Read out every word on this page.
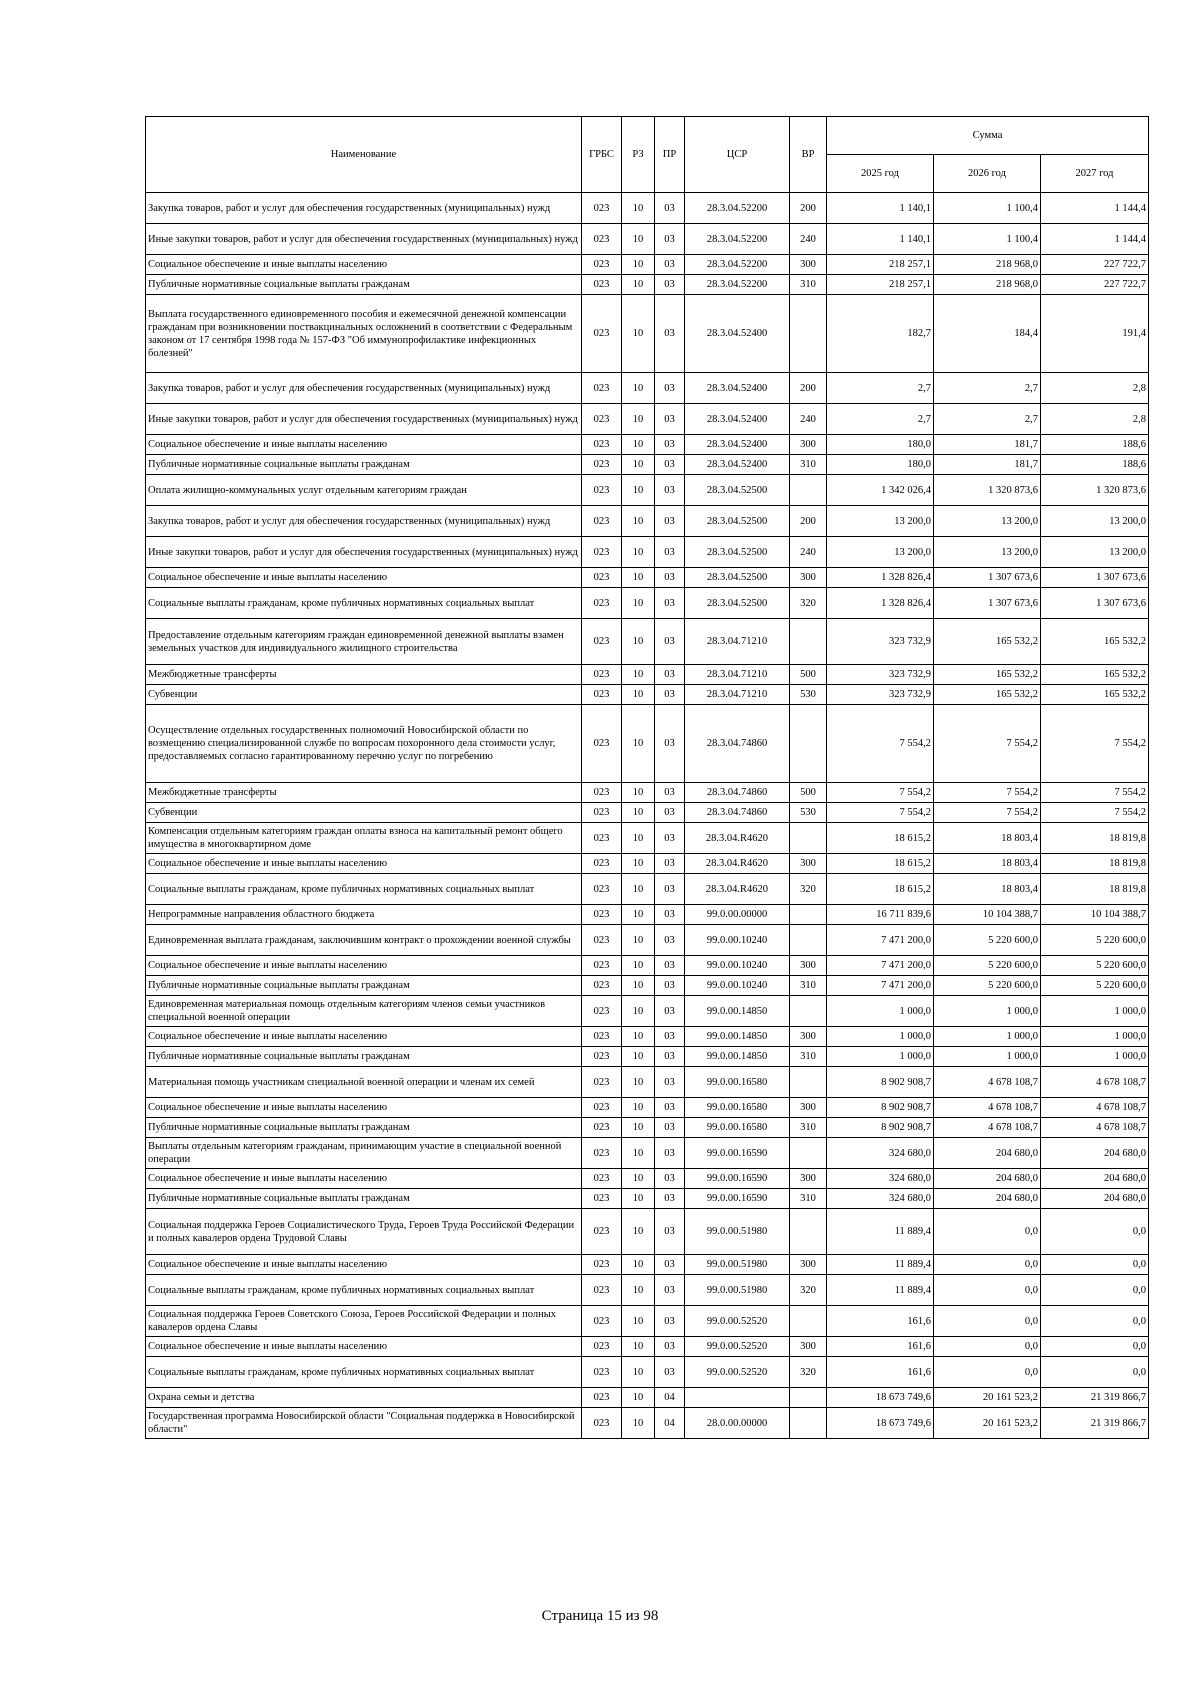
Наименование	ГРБС	РЗ	ПР	ЦСР	ВР	Сумма		
						2025 год	2026 год	2027 год
Закупка товаров, работ и услуг для обеспечения государственных (муниципальных) нужд	023	10	03	28.3.04.52200	200	1 140,1	1 100,4	1 144,4
Иные закупки товаров, работ и услуг для обеспечения государственных (муниципальных) нужд	023	10	03	28.3.04.52200	240	1 140,1	1 100,4	1 144,4
Социальное обеспечение и иные выплаты населению	023	10	03	28.3.04.52200	300	218 257,1	218 968,0	227 722,7
Публичные нормативные социальные выплаты гражданам	023	10	03	28.3.04.52200	310	218 257,1	218 968,0	227 722,7
Выплата государственного единовременного пособия и ежемесячной денежной компенсации гражданам при возникновении поствакцинальных осложнений в соответствии с Федеральным законом от 17 сентября 1998 года № 157-ФЗ "Об иммунопрофилактике инфекционных болезней"	023	10	03	28.3.04.52400		182,7	184,4	191,4
Закупка товаров, работ и услуг для обеспечения государственных (муниципальных) нужд	023	10	03	28.3.04.52400	200	2,7	2,7	2,8
Иные закупки товаров, работ и услуг для обеспечения государственных (муниципальных) нужд	023	10	03	28.3.04.52400	240	2,7	2,7	2,8
Социальное обеспечение и иные выплаты населению	023	10	03	28.3.04.52400	300	180,0	181,7	188,6
Публичные нормативные социальные выплаты гражданам	023	10	03	28.3.04.52400	310	180,0	181,7	188,6
Оплата жилищно-коммунальных услуг отдельным категориям граждан	023	10	03	28.3.04.52500		1 342 026,4	1 320 873,6	1 320 873,6
Закупка товаров, работ и услуг для обеспечения государственных (муниципальных) нужд	023	10	03	28.3.04.52500	200	13 200,0	13 200,0	13 200,0
Иные закупки товаров, работ и услуг для обеспечения государственных (муниципальных) нужд	023	10	03	28.3.04.52500	240	13 200,0	13 200,0	13 200,0
Социальное обеспечение и иные выплаты населению	023	10	03	28.3.04.52500	300	1 328 826,4	1 307 673,6	1 307 673,6
Социальные выплаты гражданам, кроме публичных нормативных социальных выплат	023	10	03	28.3.04.52500	320	1 328 826,4	1 307 673,6	1 307 673,6
Предоставление отдельным категориям граждан единовременной денежной выплаты взамен земельных участков для индивидуального жилищного строительства	023	10	03	28.3.04.71210		323 732,9	165 532,2	165 532,2
Межбюджетные трансферты	023	10	03	28.3.04.71210	500	323 732,9	165 532,2	165 532,2
Субвенции	023	10	03	28.3.04.71210	530	323 732,9	165 532,2	165 532,2
Осуществление отдельных государственных полномочий Новосибирской области по возмещению специализированной службе по вопросам похоронного дела стоимости услуг, предоставляемых согласно гарантированному перечню услуг по погребению	023	10	03	28.3.04.74860		7 554,2	7 554,2	7 554,2
Межбюджетные трансферты	023	10	03	28.3.04.74860	500	7 554,2	7 554,2	7 554,2
Субвенции	023	10	03	28.3.04.74860	530	7 554,2	7 554,2	7 554,2
Компенсация отдельным категориям граждан оплаты взноса на капитальный ремонт общего имущества в многоквартирном доме	023	10	03	28.3.04.R4620		18 615,2	18 803,4	18 819,8
Социальное обеспечение и иные выплаты населению	023	10	03	28.3.04.R4620	300	18 615,2	18 803,4	18 819,8
Социальные выплаты гражданам, кроме публичных нормативных социальных выплат	023	10	03	28.3.04.R4620	320	18 615,2	18 803,4	18 819,8
Непрограммные направления областного бюджета	023	10	03	99.0.00.00000		16 711 839,6	10 104 388,7	10 104 388,7
Единовременная выплата гражданам, заключившим контракт о прохождении военной службы	023	10	03	99.0.00.10240		7 471 200,0	5 220 600,0	5 220 600,0
Социальное обеспечение и иные выплаты населению	023	10	03	99.0.00.10240	300	7 471 200,0	5 220 600,0	5 220 600,0
Публичные нормативные социальные выплаты гражданам	023	10	03	99.0.00.10240	310	7 471 200,0	5 220 600,0	5 220 600,0
Единовременная материальная помощь отдельным категориям членов семьи участников специальной военной операции	023	10	03	99.0.00.14850		1 000,0	1 000,0	1 000,0
Социальное обеспечение и иные выплаты населению	023	10	03	99.0.00.14850	300	1 000,0	1 000,0	1 000,0
Публичные нормативные социальные выплаты гражданам	023	10	03	99.0.00.14850	310	1 000,0	1 000,0	1 000,0
Материальная помощь участникам специальной военной операции и членам их семей	023	10	03	99.0.00.16580		8 902 908,7	4 678 108,7	4 678 108,7
Социальное обеспечение и иные выплаты населению	023	10	03	99.0.00.16580	300	8 902 908,7	4 678 108,7	4 678 108,7
Публичные нормативные социальные выплаты гражданам	023	10	03	99.0.00.16580	310	8 902 908,7	4 678 108,7	4 678 108,7
Выплаты отдельным категориям гражданам, принимающим участие в специальной военной операции	023	10	03	99.0.00.16590		324 680,0	204 680,0	204 680,0
Социальное обеспечение и иные выплаты населению	023	10	03	99.0.00.16590	300	324 680,0	204 680,0	204 680,0
Публичные нормативные социальные выплаты гражданам	023	10	03	99.0.00.16590	310	324 680,0	204 680,0	204 680,0
Социальная поддержка Героев Социалистического Труда, Героев Труда Российской Федерации и полных кавалеров ордена Трудовой Славы	023	10	03	99.0.00.51980		11 889,4	0,0	0,0
Социальное обеспечение и иные выплаты населению	023	10	03	99.0.00.51980	300	11 889,4	0,0	0,0
Социальные выплаты гражданам, кроме публичных нормативных социальных выплат	023	10	03	99.0.00.51980	320	11 889,4	0,0	0,0
Социальная поддержка Героев Советского Союза, Героев Российской Федерации и полных кавалеров ордена Славы	023	10	03	99.0.00.52520		161,6	0,0	0,0
Социальное обеспечение и иные выплаты населению	023	10	03	99.0.00.52520	300	161,6	0,0	0,0
Социальные выплаты гражданам, кроме публичных нормативных социальных выплат	023	10	03	99.0.00.52520	320	161,6	0,0	0,0
Охрана семьи и детства	023	10	04			18 673 749,6	20 161 523,2	21 319 866,7
Государственная программа Новосибирской области "Социальная поддержка в Новосибирской области"	023	10	04	28.0.00.00000		18 673 749,6	20 161 523,2	21 319 866,7
Страница 15 из 98
